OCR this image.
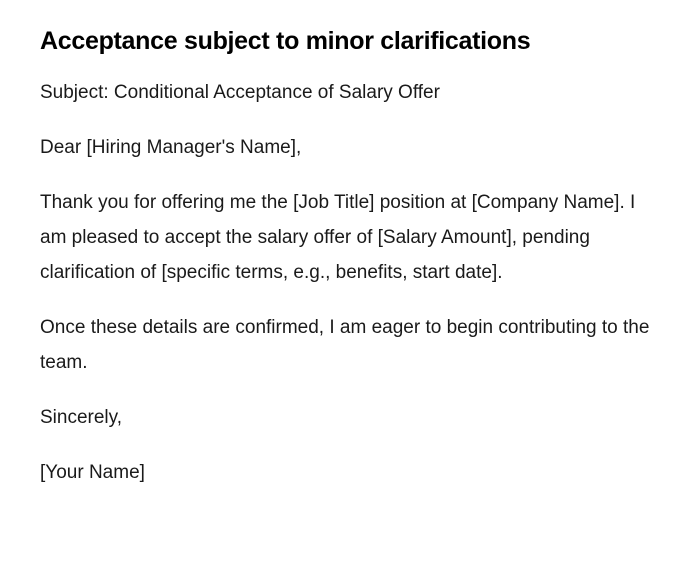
Acceptance subject to minor clarifications

Subject: Conditional Acceptance of Salary Offer

Dear [Hiring Manager's Name],

Thank you for offering me the [Job Title] position at [Company Name]. I am pleased to accept the salary offer of [Salary Amount], pending clarification of [specific terms, e.g., benefits, start date].

Once these details are confirmed, I am eager to begin contributing to the team.

Sincerely,

[Your Name]
